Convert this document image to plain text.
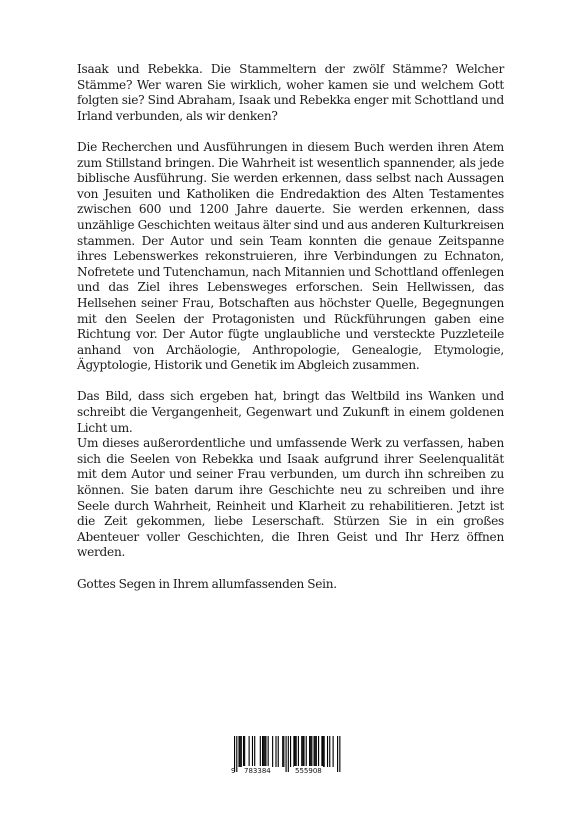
Isaak und Rebekka. Die Stammeltern der zwölf Stämme? Welcher Stämme? Wer waren Sie wirklich, woher kamen sie und welchem Gott folgten sie? Sind Abraham, Isaak und Rebekka enger mit Schottland und Irland verbunden, als wir denken?

Die Recherchen und Ausführungen in diesem Buch werden ihren Atem zum Stillstand bringen. Die Wahrheit ist wesentlich spannender, als jede biblische Ausführung. Sie werden erkennen, dass selbst nach Aussagen von Jesuiten und Katholiken die Endredaktion des Alten Testamentes zwischen 600 und 1200 Jahre dauerte. Sie werden erkennen, dass unzählige Geschichten weitaus älter sind und aus anderen Kulturkreisen stammen. Der Autor und sein Team konnten die genaue Zeitspanne ihres Lebenswerkes rekonstruieren, ihre Verbindungen zu Echnaton, Nofretete und Tutenchamun, nach Mitannien und Schottland offenlegen und das Ziel ihres Lebensweges erforschen. Sein Hellwissen, das Hellsehen seiner Frau, Botschaften aus höchster Quelle, Begegnungen mit den Seelen der Protagonisten und Rückführungen gaben eine Richtung vor. Der Autor fügte unglaubliche und versteckte Puzzleteile anhand von Archäologie, Anthropologie, Genealogie, Etymologie, Ägyptologie, Historik und Genetik im Abgleich zusammen.

Das Bild, dass sich ergeben hat, bringt das Weltbild ins Wanken und schreibt die Vergangenheit, Gegenwart und Zukunft in einem goldenen Licht um.

Um dieses außerordentliche und umfassende Werk zu verfassen, haben sich die Seelen von Rebekka und Isaak aufgrund ihrer Seelenqualität mit dem Autor und seiner Frau verbunden, um durch ihn schreiben zu können. Sie baten darum ihre Geschichte neu zu schreiben und ihre Seele durch Wahrheit, Reinheit und Klarheit zu rehabilitieren. Jetzt ist die Zeit gekommen, liebe Leserschaft. Stürzen Sie in ein großes Abenteuer voller Geschichten, die Ihren Geist und Ihr Herz öffnen werden.

Gottes Segen in Ihrem allumfassenden Sein.

9 783384	555908
